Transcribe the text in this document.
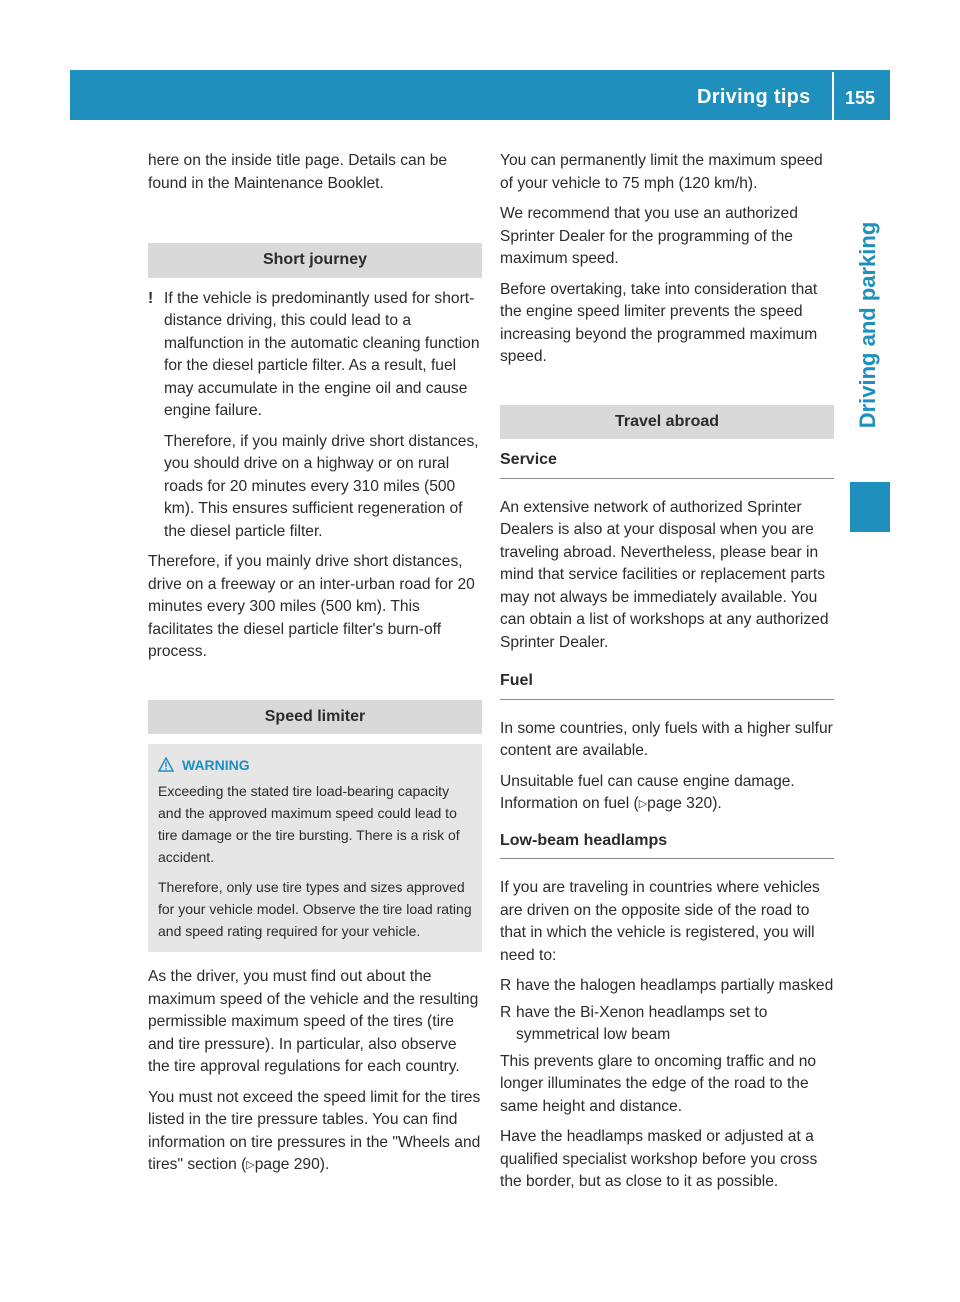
Driving tips 155
Driving and parking

here on the inside title page. Details can be found in the Maintenance Booklet.

Short journey
! If the vehicle is predominantly used for short-distance driving, this could lead to a malfunction in the automatic cleaning function for the diesel particle filter. As a result, fuel may accumulate in the engine oil and cause engine failure.

Therefore, if you mainly drive short distances, you should drive on a highway or on rural roads for 20 minutes every 310 miles (500 km). This ensures sufficient regeneration of the diesel particle filter.

Therefore, if you mainly drive short distances, drive on a freeway or an inter-urban road for 20 minutes every 300 miles (500 km). This facilitates the diesel particle filter's burn-off process.

Speed limiter
WARNING

Exceeding the stated tire load-bearing capacity and the approved maximum speed could lead to tire damage or the tire bursting. There is a risk of accident.

Therefore, only use tire types and sizes approved for your vehicle model. Observe the tire load rating and speed rating required for your vehicle.

As the driver, you must find out about the maximum speed of the vehicle and the resulting permissible maximum speed of the tires (tire and tire pressure). In particular, also observe the tire approval regulations for each country.

You must not exceed the speed limit for the tires listed in the tire pressure tables. You can find information on tire pressures in the "Wheels and tires" section (▷page 290).

You can permanently limit the maximum speed of your vehicle to 75 mph (120 km/h).

We recommend that you use an authorized Sprinter Dealer for the programming of the maximum speed.

Before overtaking, take into consideration that the engine speed limiter prevents the speed increasing beyond the programmed maximum speed.

Travel abroad
Service

An extensive network of authorized Sprinter Dealers is also at your disposal when you are traveling abroad. Nevertheless, please bear in mind that service facilities or replacement parts may not always be immediately available. You can obtain a list of workshops at any authorized Sprinter Dealer.

Fuel

In some countries, only fuels with a higher sulfur content are available.

Unsuitable fuel can cause engine damage. Information on fuel (▷page 320).

Low-beam headlamps

If you are traveling in countries where vehicles are driven on the opposite side of the road to that in which the vehicle is registered, you will need to:

R have the halogen headlamps partially masked
R have the Bi-Xenon headlamps set to symmetrical low beam

This prevents glare to oncoming traffic and no longer illuminates the edge of the road to the same height and distance.

Have the headlamps masked or adjusted at a qualified specialist workshop before you cross the border, but as close to it as possible.
